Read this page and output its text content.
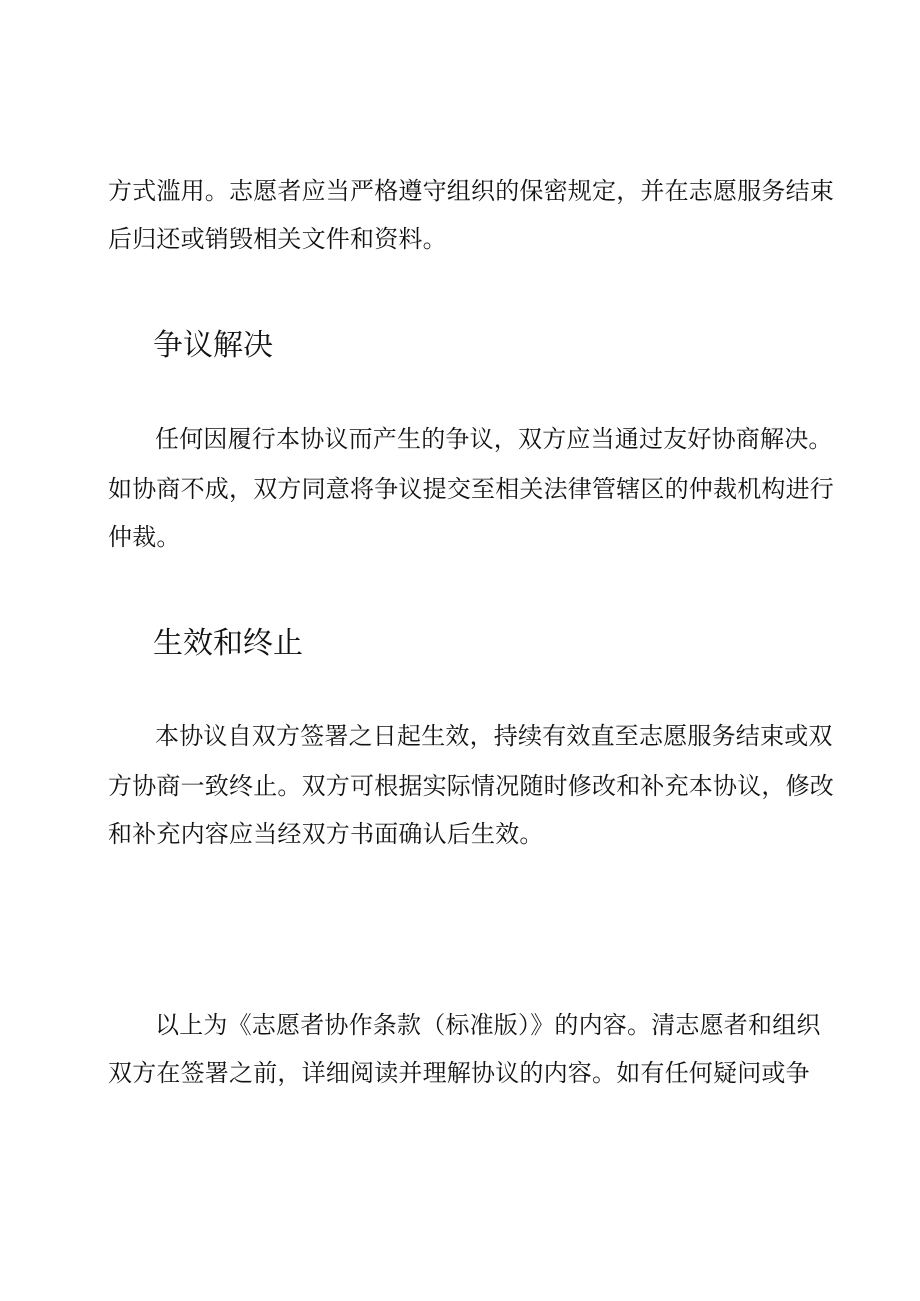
方式滥用。志愿者应当严格遵守组织的保密规定，并在志愿服务结束
后归还或销毁相关文件和资料。
争议解决
任何因履行本协议而产生的争议，双方应当通过友好协商解决。
如协商不成，双方同意将争议提交至相关法律管辖区的仲裁机构进行
仲裁。
生效和终止
本协议自双方签署之日起生效，持续有效直至志愿服务结束或双
方协商一致终止。双方可根据实际情况随时修改和补充本协议，修改
和补充内容应当经双方书面确认后生效。
以上为《志愿者协作条款（标准版）》的内容。清志愿者和组织
双方在签署之前，详细阅读并理解协议的内容。如有任何疑问或争
